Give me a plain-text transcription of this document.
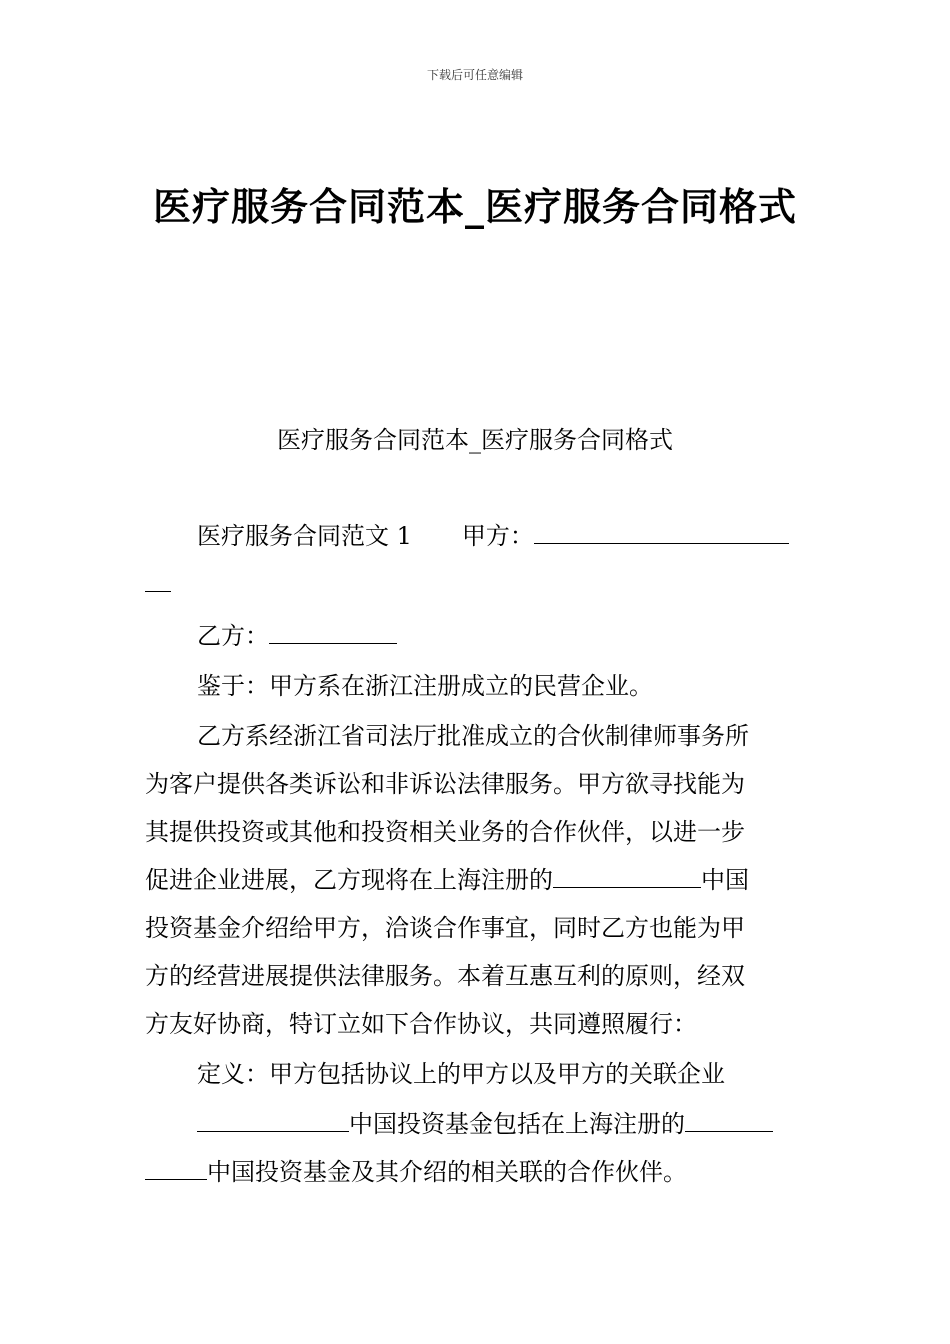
下载后可任意编辑
医疗服务合同范本_医疗服务合同格式
医疗服务合同范本_医疗服务合同格式
医疗服务合同范文 1 甲方：
乙方：
鉴于：甲方系在浙江注册成立的民营企业。
乙方系经浙江省司法厅批准成立的合伙制律师事务所
为客户提供各类诉讼和非诉讼法律服务。甲方欲寻找能为
其提供投资或其他和投资相关业务的合作伙伴，以进一步
促进企业进展，乙方现将在上海注册的	中国
投资基金介绍给甲方，洽谈合作事宜，同时乙方也能为甲
方的经营进展提供法律服务。本着互惠互利的原则，经双
方友好协商，特订立如下合作协议，共同遵照履行：
定义：甲方包括协议上的甲方以及甲方的关联企业
中国投资基金包括在上海注册的
中国投资基金及其介绍的相关联的合作伙伴。
